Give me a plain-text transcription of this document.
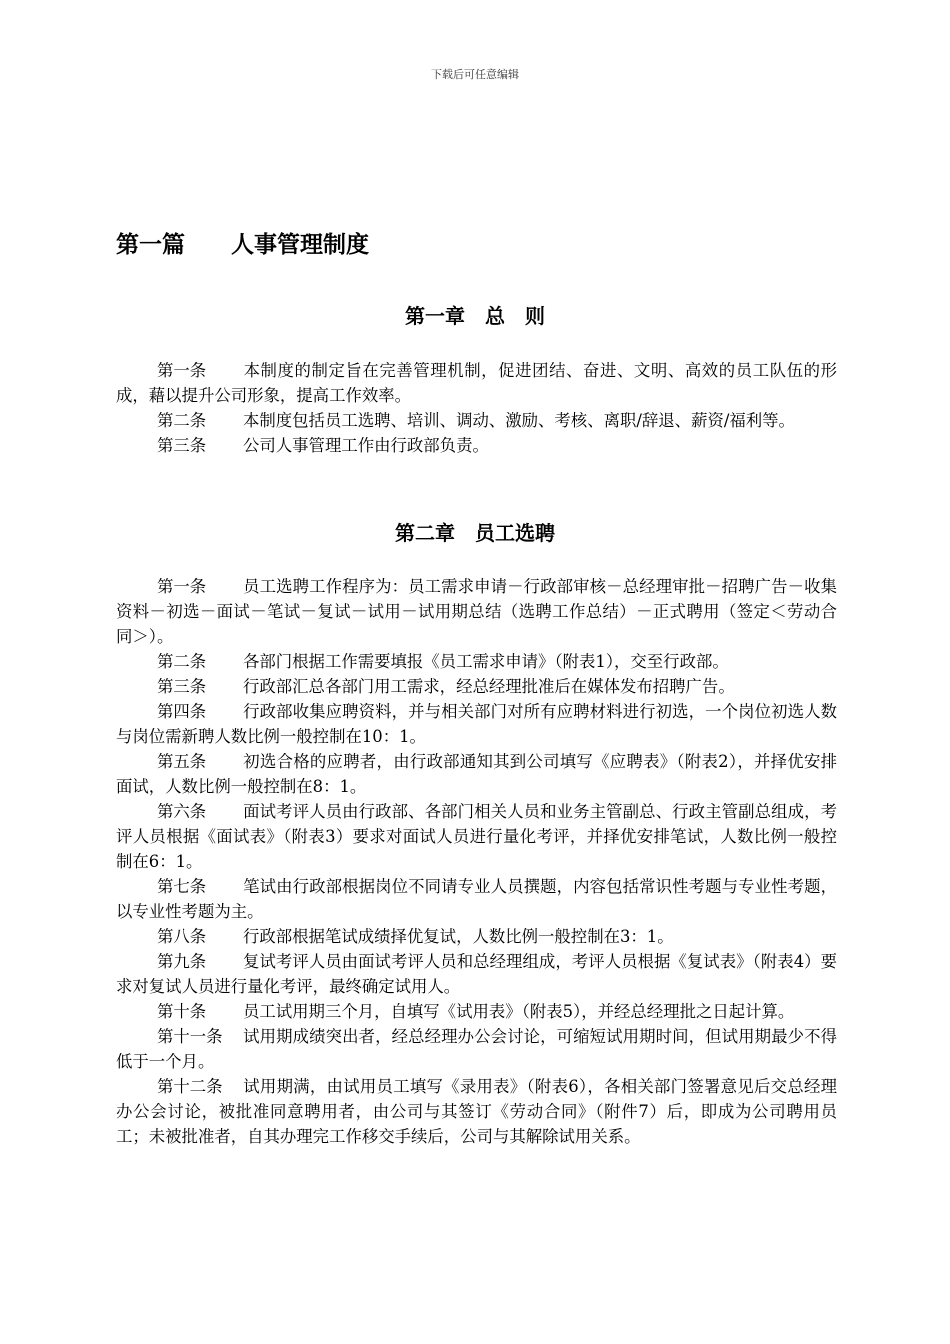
下载后可任意编辑
第一篇　　人事管理制度
第一章　总　则

第一条 本制度的制定旨在完善管理机制，促进团结、奋进、文明、高效的员工队伍的形成，藉以提升公司形象，提高工作效率。

第二条 本制度包括员工选聘、培训、调动、激励、考核、离职/辞退、薪资/福利等。

第三条 公司人事管理工作由行政部负责。

第二章　员工选聘

第一条 员工选聘工作程序为：员工需求申请－行政部审核－总经理审批－招聘广告－收集资料－初选－面试－笔试－复试－试用－试用期总结（选聘工作总结）－正式聘用（签定＜劳动合同＞）。

第二条 各部门根据工作需要填报《员工需求申请》（附表1），交至行政部。

第三条 行政部汇总各部门用工需求，经总经理批准后在媒体发布招聘广告。

第四条 行政部收集应聘资料，并与相关部门对所有应聘材料进行初选，一个岗位初选人数与岗位需新聘人数比例一般控制在10：1。

第五条 初选合格的应聘者，由行政部通知其到公司填写《应聘表》（附表2），并择优安排面试，人数比例一般控制在8：1。

第六条 面试考评人员由行政部、各部门相关人员和业务主管副总、行政主管副总组成，考评人员根据《面试表》（附表3）要求对面试人员进行量化考评，并择优安排笔试，人数比例一般控制在6：1。

第七条 笔试由行政部根据岗位不同请专业人员撰题，内容包括常识性考题与专业性考题，以专业性考题为主。

第八条 行政部根据笔试成绩择优复试，人数比例一般控制在3：1。

第九条 复试考评人员由面试考评人员和总经理组成，考评人员根据《复试表》（附表4）要求对复试人员进行量化考评，最终确定试用人。

第十条 员工试用期三个月，自填写《试用表》（附表5），并经总经理批之日起计算。

第十一条 试用期成绩突出者，经总经理办公会讨论，可缩短试用期时间，但试用期最少不得低于一个月。

第十二条 试用期满，由试用员工填写《录用表》（附表6），各相关部门签署意见后交总经理办公会讨论，被批准同意聘用者，由公司与其签订《劳动合同》（附件7）后，即成为公司聘用员工；未被批准者，自其办理完工作移交手续后，公司与其解除试用关系。
